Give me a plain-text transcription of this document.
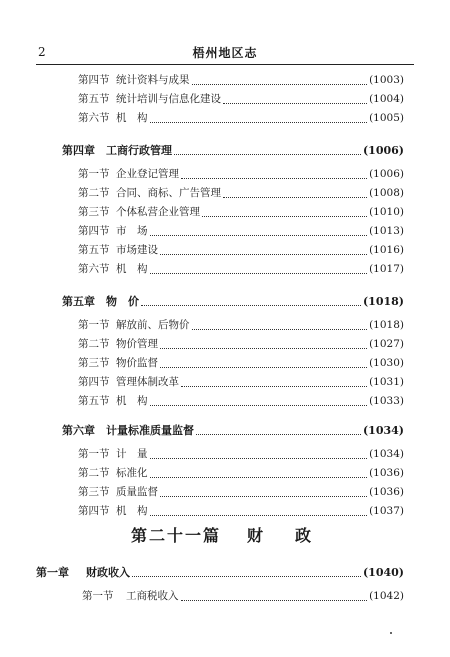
2	梧州地区志
第四节 统计资料与成果	(1003)
第五节 统计培训与信息化建设	(1004)
第六节 机　构	(1005)
第四章	工商行政管理	(1006)
第一节 企业登记管理	(1006)
第二节 合同、商标、广告管理	(1008)
第三节 个体私营企业管理	(1010)
第四节 市　场	(1013)
第五节 市场建设	(1016)
第六节 机　构	(1017)
第五章	物　价	(1018)
第一节 解放前、后物价	(1018)
第二节 物价管理	(1027)
第三节 物价监督	(1030)
第四节 管理体制改革	(1031)
第五节 机　构	(1033)
第六章	计量标准质量监督	(1034)
第一节 计　量	(1034)
第二节 标准化	(1036)
第三节 质量监督	(1036)
第四节 机　构	(1037)
第二十一篇 财　政
第一章	财政收入	(1040)
第一节	工商税收入	(1042)
